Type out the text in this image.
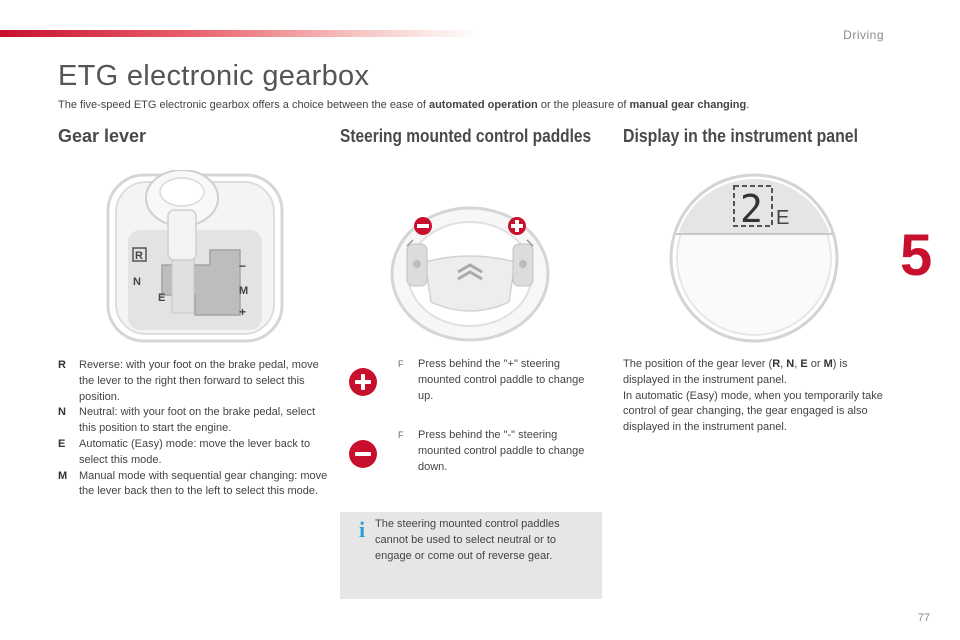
Driving
5
77
ETG electronic gearbox

The five-speed ETG electronic gearbox offers a choice between the ease of automated operation or the pleasure of manual gear changing.

Gear lever	Steering mounted control paddles Display in the instrument panel
R
N
E
−
M
+
2 E
R Reverse: with your foot on the brake pedal, move the lever to the right then forward to select this position.
N Neutral: with your foot on the brake pedal, select this position to start the engine.
E Automatic (Easy) mode: move the lever back to select this mode.
M Manual mode with sequential gear changing: move the lever back then to the left to select this mode.
F	Press behind the "+" steering mounted control paddle to change up.
F	Press behind the "-" steering mounted control paddle to change down.
i The steering mounted control paddles cannot be used to select neutral or to engage or come out of reverse gear.

The position of the gear lever (R, N, E or M) is displayed in the instrument panel.

In automatic (Easy) mode, when you temporarily take control of gear changing, the gear engaged is also displayed in the instrument panel.
